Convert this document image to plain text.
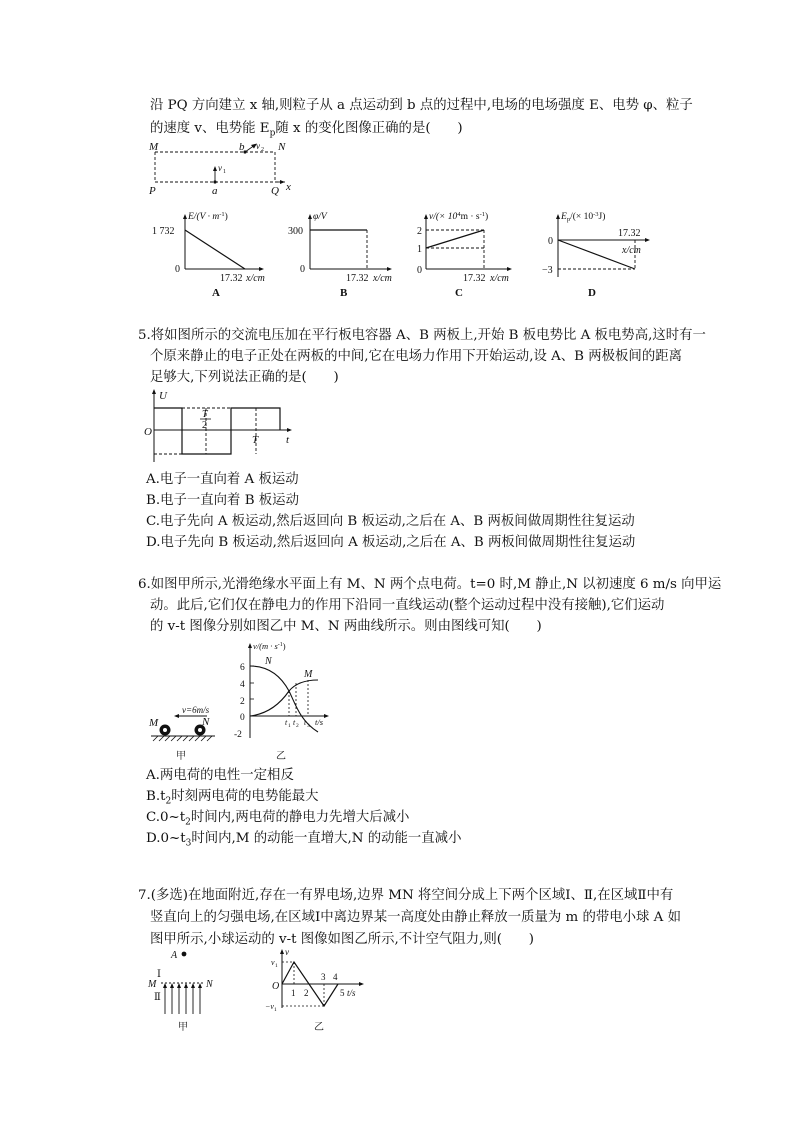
沿 PQ 方向建立 x 轴,则粒子从 a 点运动到 b 点的过程中,电场的电场强度 E、电势 φ、粒子
的速度 v、电势能 $E_p$随 x 的变化图像正确的是(　　)
M	N
P	Q x
a
b
v 1
v 2
$E/(V \cdot m^{-1})$
1 732
0
17.32 x/cm
A
φ/V
300
0
17.32 x/cm
B
$v/(\times 10^4m \cdot s^{-1})$
2
1
0
17.32 x/cm
C
$E_p/(\times 10^{-3}J)$
0
17.32
x/cm
−3
D
5.将如图所示的交流电压加在平行板电容器 A、B 两板上,开始 B 板电势比 A 板电势高,这时有一
个原来静止的电子正处在两板的中间,它在电场力作用下开始运动,设 A、B 两极板间的距离
足够大,下列说法正确的是(　　)
U
O
T
2
T	t
A.电子一直向着 A 板运动
B.电子一直向着 B 板运动
C.电子先向 A 板运动,然后返回向 B 板运动,之后在 A、B 两板间做周期性往复运动
D.电子先向 B 板运动,然后返回向 A 板运动,之后在 A、B 两板间做周期性往复运动
6.如图甲所示,光滑绝缘水平面上有 M、N 两个点电荷。t=0 时,M 静止,N 以初速度 6 m/s 向甲运
动。此后,它们仅在静电力的作用下沿同一直线运动(整个运动过程中没有接触),它们运动
的 v-t 图像分别如图乙中 M、N 两曲线所示。则由图线可知(　　)
v=6m/s
M	N
甲
$v/(m \cdot s^{-1})$
6
4
2
0
-2
N
M
t 1 t 2 t 3 t/s
乙
A.两电荷的电性一定相反
$B.t_2$时刻两电荷的电势能最大
$C.0\sim t_2$时间内,两电荷的静电力先增大后减小
$D.0\sim t_3$时间内,M 的动能一直增大,N 的动能一直减小
7.(多选)在地面附近,存在一有界电场,边界 MN 将空间分成上下两个区域Ⅰ、Ⅱ,在区域Ⅱ中有
竖直向上的匀强电场,在区域Ⅰ中离边界某一高度处由静止释放一质量为 m 的带电小球 A 如
图甲所示,小球运动的 v-t 图像如图乙所示,不计空气阻力,则(　　)
A
Ⅰ
Ⅱ
M	N
甲
v
v 1
−v 1
O
1 2
3 4
5 t/s
乙
